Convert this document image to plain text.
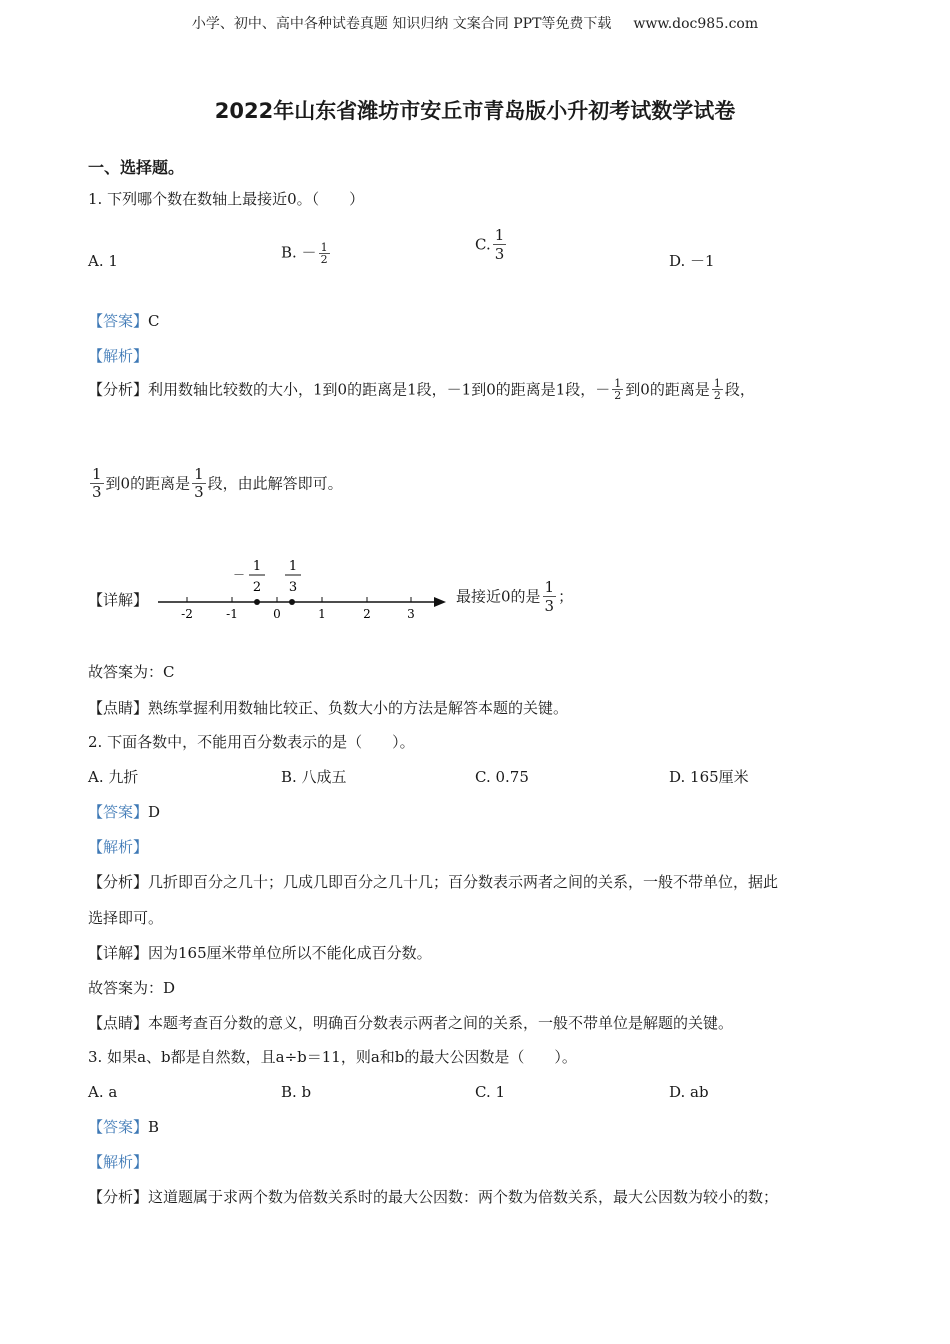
小学、初中、高中各种试卷真题 知识归纳 文案合同 PPT等免费下载 www.doc985.com
2022年山东省潍坊市安丘市青岛版小升初考试数学试卷
一、选择题。
1. 下列哪个数在数轴上最接近0。（　　）
A. 1	B. － $\frac{1}{2}$	C. $\frac{1}{3}$	D. －1
【答案】C
【解析】
【分析】利用数轴比较数的大小，1到0的距离是1段，－1到0的距离是1段，－ $\frac{1}{2}$ 到0的距离是 $\frac{1}{2}$ 段，
$\frac{1}{3}$ 到0的距离是 $\frac{1}{3}$ 段，由此解答即可。
【详解】
-2	-1	0	1	2	3
－
1
2
1
3	最接近0的是 $\frac{1}{3}$ ；
故答案为：C
【点睛】熟练掌握利用数轴比较正、负数大小的方法是解答本题的关键。
2. 下面各数中，不能用百分数表示的是（　　）。
A. 九折	B. 八成五	C. 0.75	D. 165厘米
【答案】D
【解析】
【分析】几折即百分之几十；几成几即百分之几十几；百分数表示两者之间的关系，一般不带单位，据此
选择即可。
【详解】因为165厘米带单位所以不能化成百分数。
故答案为：D
【点睛】本题考查百分数的意义，明确百分数表示两者之间的关系，一般不带单位是解题的关键。
3. 如果a、b都是自然数，且a÷b＝11，则a和b的最大公因数是（　　）。
A. a	B. b	C. 1	D. ab
【答案】B
【解析】
【分析】这道题属于求两个数为倍数关系时的最大公因数：两个数为倍数关系，最大公因数为较小的数；
